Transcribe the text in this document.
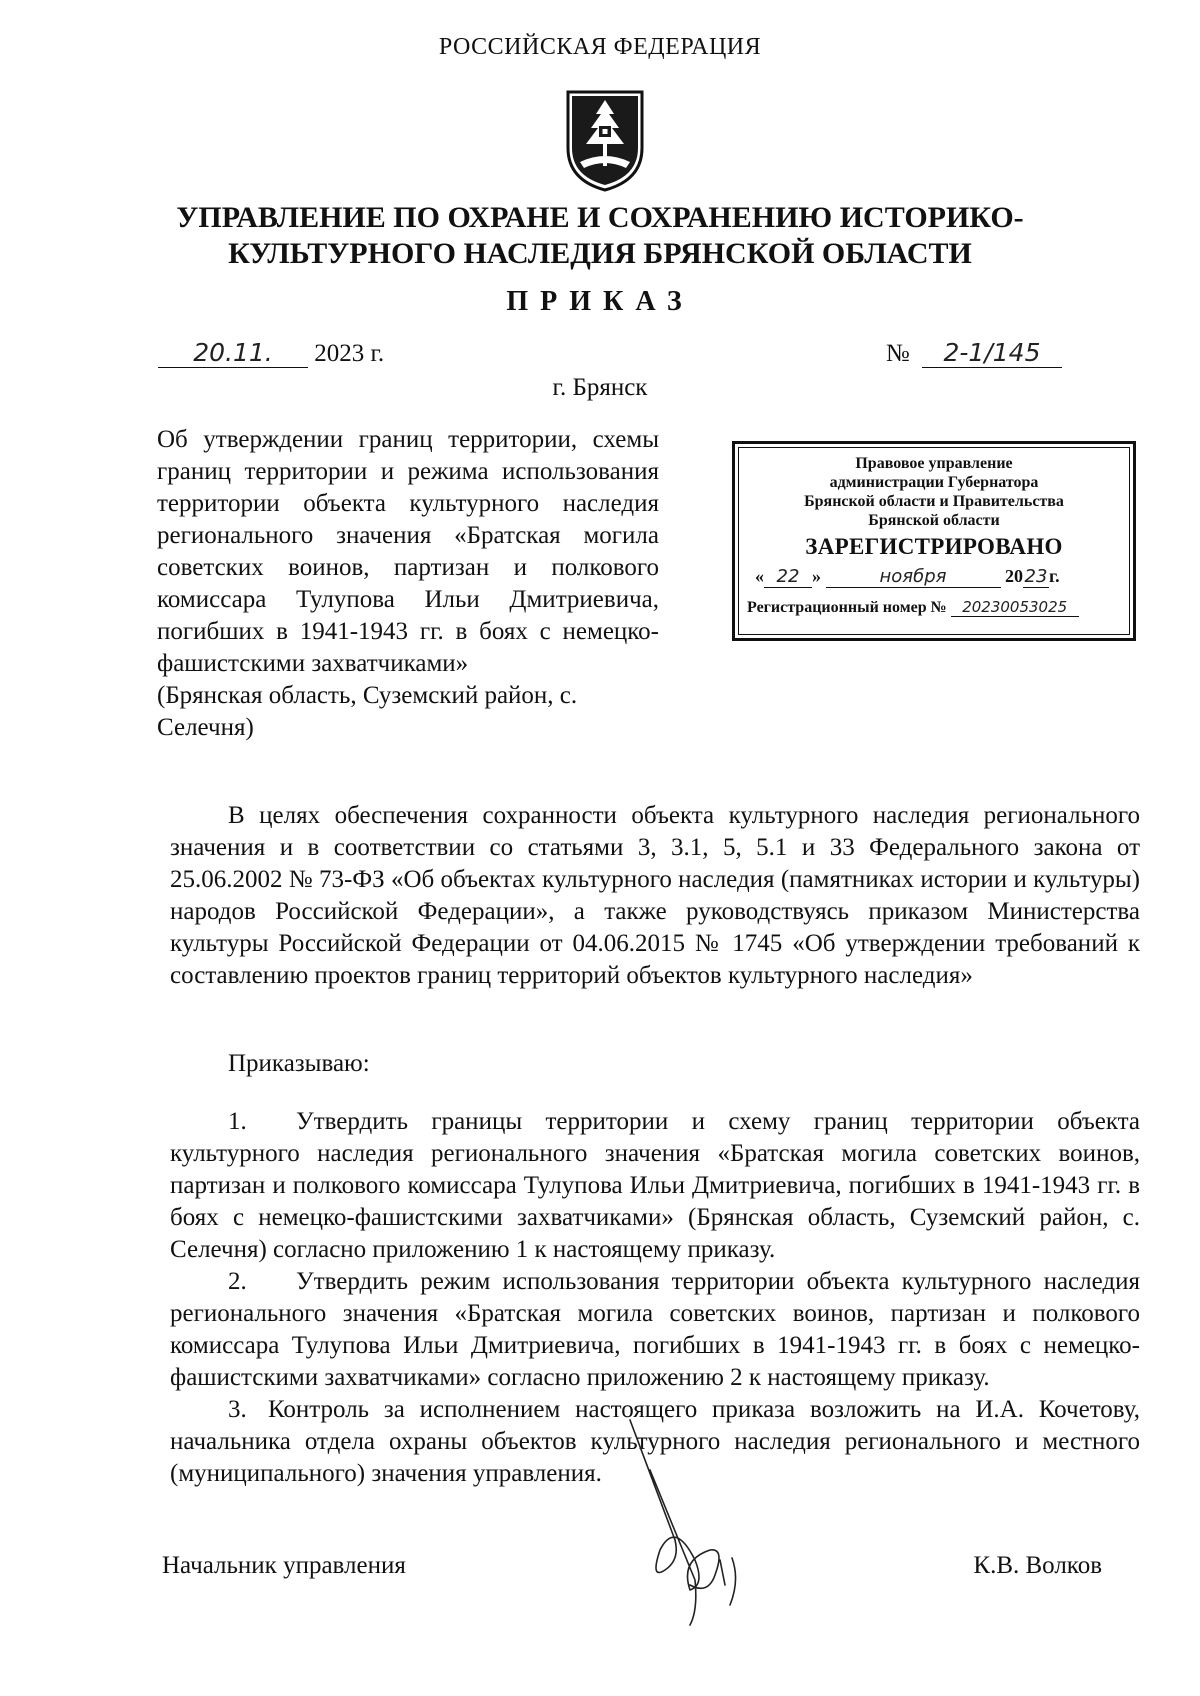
РОССИЙСКАЯ ФЕДЕРАЦИЯ
УПРАВЛЕНИЕ ПО ОХРАНЕ И СОХРАНЕНИЮ ИСТОРИКО-
КУЛЬТУРНОГО НАСЛЕДИЯ БРЯНСКОЙ ОБЛАСТИ
ПРИКАЗ
20.11. 2023 г.	№ 2-1/145
г. Брянск
Об утверждении границ территории, схемы границ территории и режима использования территории объекта культурного наследия регионального значения «Братская могила советских воинов, партизан и полкового комиссара Тулупова Ильи Дмитриевича, погибших в 1941-1943 гг. в боях с немецко-фашистскими захватчиками»
(Брянская область, Суземский район, с. Селечня)
Правовое управление
администрации Губернатора
Брянской области и Правительства
Брянской области
ЗАРЕГИСТРИРОВАНО
« 22 »	ноября	2023г.
Регистрационный номер № 20230053025
В целях обеспечения сохранности объекта культурного наследия регионального значения и в соответствии со статьями 3, 3.1, 5, 5.1 и 33 Федерального закона от 25.06.2002 № 73-ФЗ «Об объектах культурного наследия (памятниках истории и культуры) народов Российской Федерации», а также руководствуясь приказом Министерства культуры Российской Федерации от 04.06.2015 № 1745 «Об утверждении требований к составлению проектов границ территорий объектов культурного наследия»
Приказываю:
1. Утвердить границы территории и схему границ территории объекта культурного наследия регионального значения «Братская могила советских воинов, партизан и полкового комиссара Тулупова Ильи Дмитриевича, погибших в 1941-1943 гг. в боях с немецко-фашистскими захватчиками» (Брянская область, Суземский район, с. Селечня) согласно приложению 1 к настоящему приказу.
2. Утвердить режим использования территории объекта культурного наследия регионального значения «Братская могила советских воинов, партизан и полкового комиссара Тулупова Ильи Дмитриевича, погибших в 1941-1943 гг. в боях с немецко-фашистскими захватчиками» согласно приложению 2 к настоящему приказу.
3. Контроль за исполнением настоящего приказа возложить на И.А. Кочетову, начальника отдела охраны объектов культурного наследия регионального и местного (муниципального) значения управления.
Начальник управления	К.В. Волков
